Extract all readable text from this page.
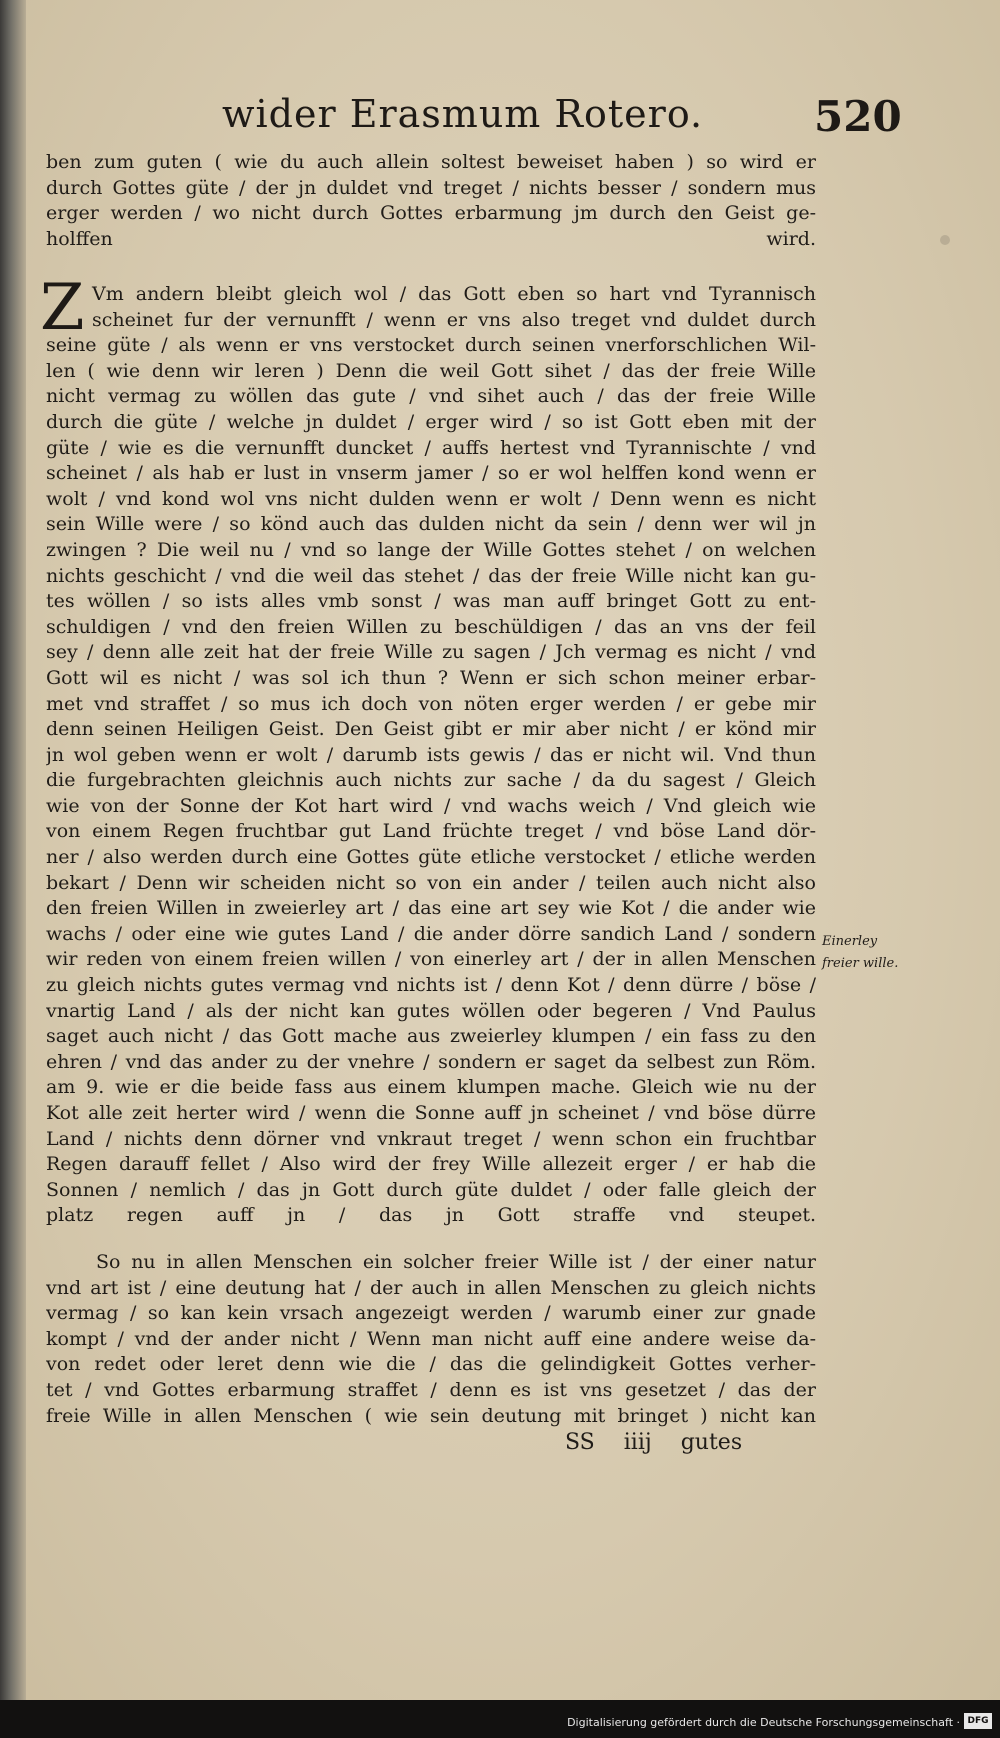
wider Erasmum Rotero.	520
ben zum guten ( wie du auch allein soltest beweiset haben ) so wird er
durch Gottes güte / der jn duldet vnd treget / nichts besser / sondern mus
erger werden / wo nicht durch Gottes erbarmung jm durch den Geist ge-
holffen wird.
Z Vm andern bleibt gleich wol / das Gott eben so hart vnd Tyrannisch
scheinet fur der vernunfft / wenn er vns also treget vnd duldet durch
seine güte / als wenn er vns verstocket durch seinen vnerforschlichen Wil-
len ( wie denn wir leren ) Denn die weil Gott sihet / das der freie Wille
nicht vermag zu wöllen das gute / vnd sihet auch / das der freie Wille
durch die güte / welche jn duldet / erger wird / so ist Gott eben mit der
güte / wie es die vernunfft duncket / auffs hertest vnd Tyrannischte / vnd
scheinet / als hab er lust in vnserm jamer / so er wol helffen kond wenn er
wolt / vnd kond wol vns nicht dulden wenn er wolt / Denn wenn es nicht
sein Wille were / so könd auch das dulden nicht da sein / denn wer wil jn
zwingen ? Die weil nu / vnd so lange der Wille Gottes stehet / on welchen
nichts geschicht / vnd die weil das stehet / das der freie Wille nicht kan gu-
tes wöllen / so ists alles vmb sonst / was man auff bringet Gott zu ent-
schuldigen / vnd den freien Willen zu beschüldigen / das an vns der feil
sey / denn alle zeit hat der freie Wille zu sagen / Jch vermag es nicht / vnd
Gott wil es nicht / was sol ich thun ? Wenn er sich schon meiner erbar-
met vnd straffet / so mus ich doch von nöten erger werden / er gebe mir
denn seinen Heiligen Geist. Den Geist gibt er mir aber nicht / er könd mir
jn wol geben wenn er wolt / darumb ists gewis / das er nicht wil. Vnd thun
die furgebrachten gleichnis auch nichts zur sache / da du sagest / Gleich
wie von der Sonne der Kot hart wird / vnd wachs weich / Vnd gleich wie
von einem Regen fruchtbar gut Land früchte treget / vnd böse Land dör-
ner / also werden durch eine Gottes güte etliche verstocket / etliche werden
bekart / Denn wir scheiden nicht so von ein ander / teilen auch nicht also
den freien Willen in zweierley art / das eine art sey wie Kot / die ander wie
wachs / oder eine wie gutes Land / die ander dörre sandich Land / sondern
wir reden von einem freien willen / von einerley art / der in allen Menschen
zu gleich nichts gutes vermag vnd nichts ist / denn Kot / denn dürre / böse /
vnartig Land / als der nicht kan gutes wöllen oder begeren / Vnd Paulus
saget auch nicht / das Gott mache aus zweierley klumpen / ein fass zu den
ehren / vnd das ander zu der vnehre / sondern er saget da selbest zun Röm.
am 9. wie er die beide fass aus einem klumpen mache. Gleich wie nu der
Kot alle zeit herter wird / wenn die Sonne auff jn scheinet / vnd böse dürre
Land / nichts denn dörner vnd vnkraut treget / wenn schon ein fruchtbar
Regen darauff fellet / Also wird der frey Wille allezeit erger / er hab die
Sonnen / nemlich / das jn Gott durch güte duldet / oder falle gleich der
platz regen auff jn / das jn Gott straffe vnd steupet.
So nu in allen Menschen ein solcher freier Wille ist / der einer natur
vnd art ist / eine deutung hat / der auch in allen Menschen zu gleich nichts
vermag / so kan kein vrsach angezeigt werden / warumb einer zur gnade
kompt / vnd der ander nicht / Wenn man nicht auff eine andere weise da-
von redet oder leret denn wie die / das die gelindigkeit Gottes verher-
tet / vnd Gottes erbarmung straffet / denn es ist vns gesetzet / das der
freie Wille in allen Menschen ( wie sein deutung mit bringet ) nicht kan
Einerley
freier wille.
SS iiij gutes
Digitalisierung gefördert durch die Deutsche Forschungsgemeinschaft · DFG
